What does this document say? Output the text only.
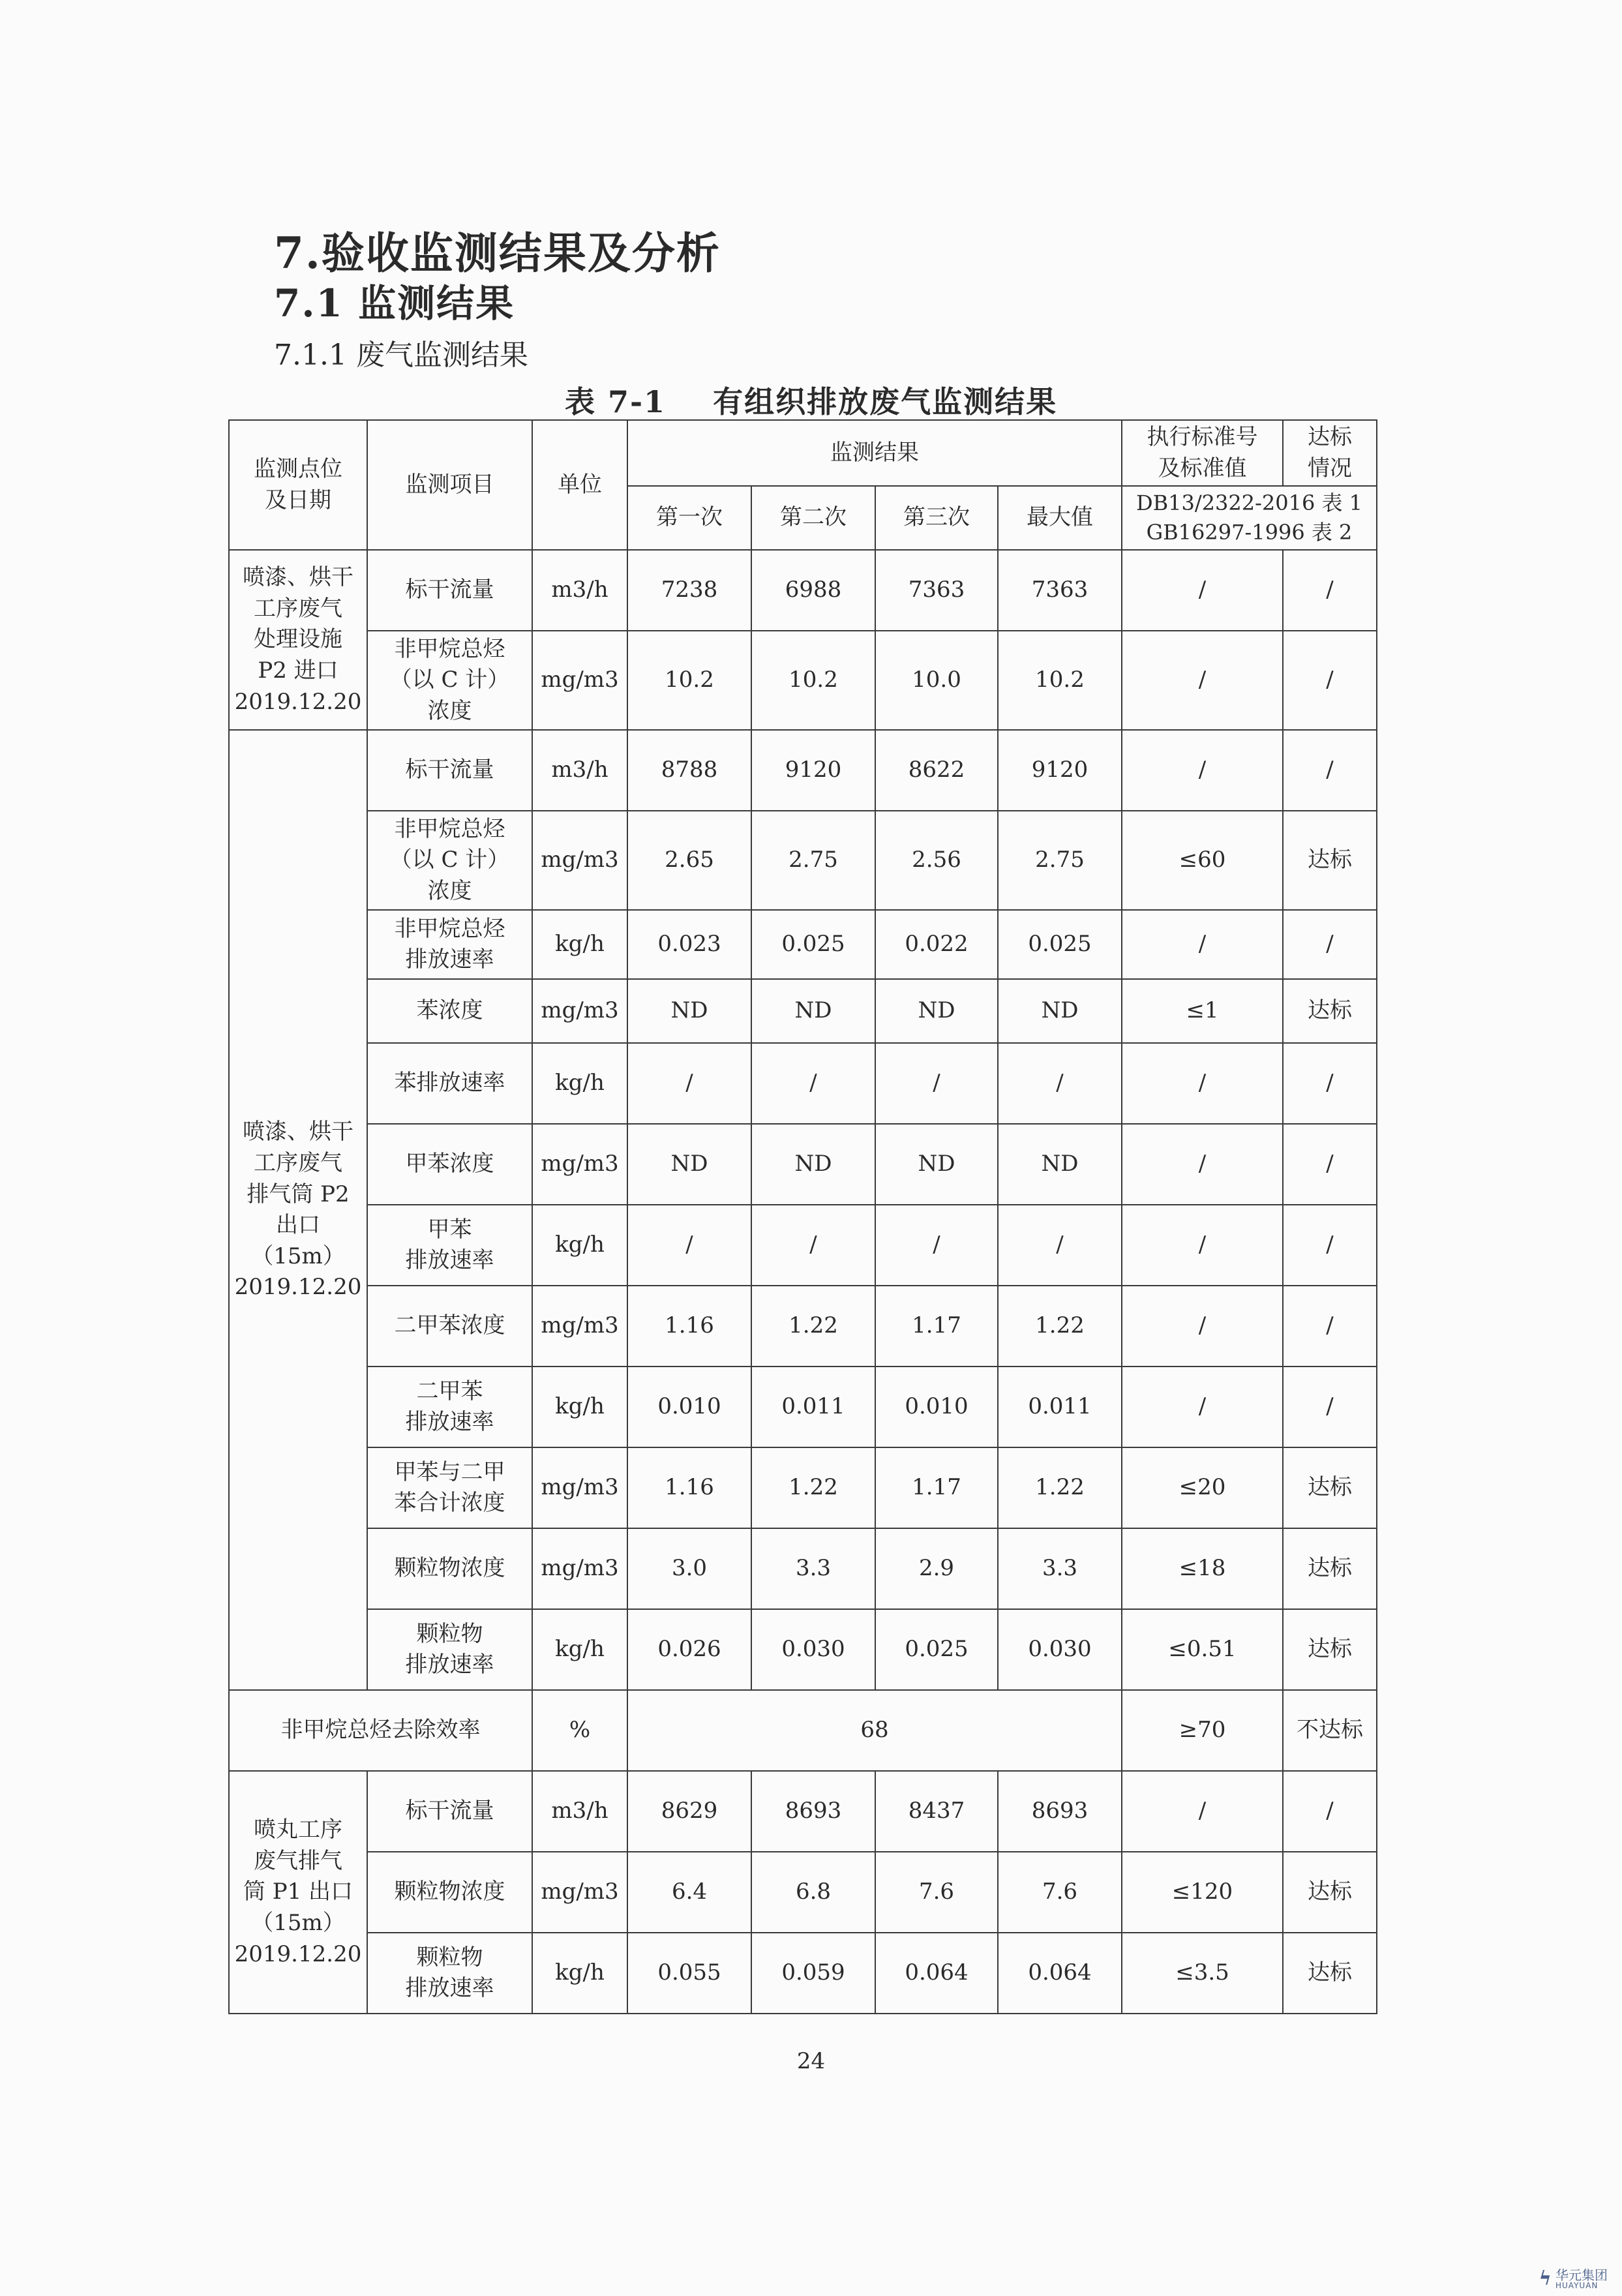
7.验收监测结果及分析
7.1 监测结果
7.1.1 废气监测结果
表 7-1 有组织排放废气监测结果
监测点位
及日期	监测项目	单位	监测结果				执行标准号
及标准值	达标
情况
			第一次	第二次	第三次	最大值	DB13/2322-2016 表 1
GB16297-1996 表 2	
喷漆、烘干
工序废气
处理设施
P2 进口
2019.12.20	标干流量	m3/h	7238	6988	7363	7363	/	/
	非甲烷总烃
（以 C 计）
浓度	mg/m3	10.2	10.2	10.0	10.2	/	/
喷漆、烘干
工序废气
排气筒 P2
出口（15m）
2019.12.20	标干流量	m3/h	8788	9120	8622	9120	/	/
	非甲烷总烃
（以 C 计）
浓度	mg/m3	2.65	2.75	2.56	2.75	≤60	达标
	非甲烷总烃
排放速率	kg/h	0.023	0.025	0.022	0.025	/	/
	苯浓度	mg/m3	ND	ND	ND	ND	≤1	达标
	苯排放速率	kg/h	/	/	/	/	/	/
	甲苯浓度	mg/m3	ND	ND	ND	ND	/	/
	甲苯
排放速率	kg/h	/	/	/	/	/	/
	二甲苯浓度	mg/m3	1.16	1.22	1.17	1.22	/	/
	二甲苯
排放速率	kg/h	0.010	0.011	0.010	0.011	/	/
	甲苯与二甲
苯合计浓度	mg/m3	1.16	1.22	1.17	1.22	≤20	达标
	颗粒物浓度	mg/m3	3.0	3.3	2.9	3.3	≤18	达标
	颗粒物
排放速率	kg/h	0.026	0.030	0.025	0.030	≤0.51	达标
非甲烷总烃去除效率		%	68				≥70	不达标
喷丸工序
废气排气
筒 P1 出口
（15m）
2019.12.20	标干流量	m3/h	8629	8693	8437	8693	/	/
	颗粒物浓度	mg/m3	6.4	6.8	7.6	7.6	≤120	达标
	颗粒物
排放速率	kg/h	0.055	0.059	0.064	0.064	≤3.5	达标
24
ϟ 华元集团
HUAYUAN
